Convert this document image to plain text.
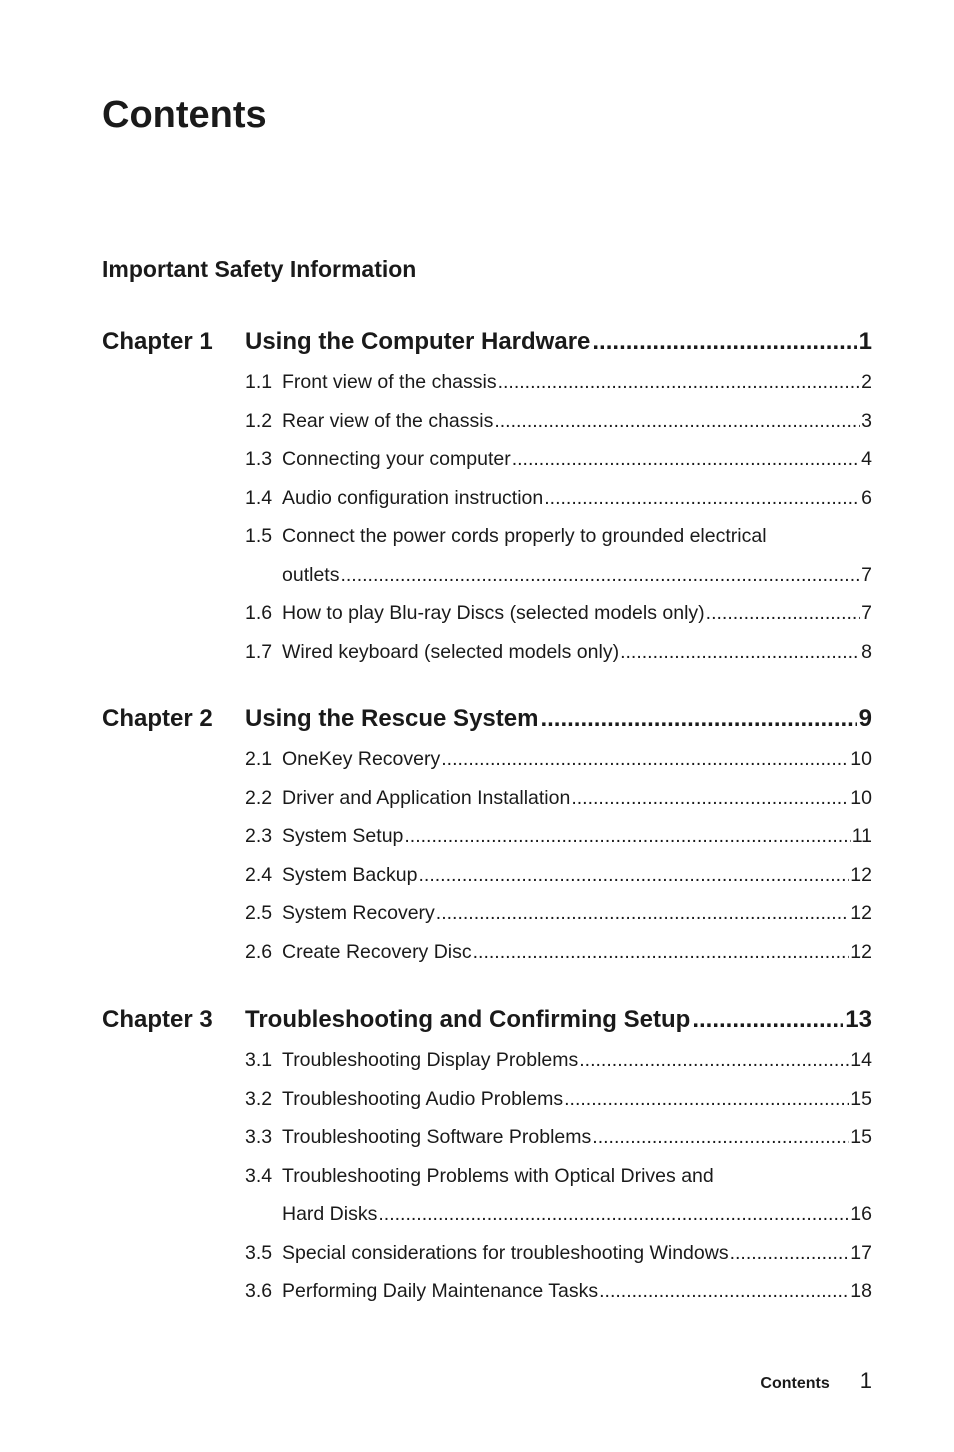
Contents
Important Safety Information
Chapter 1	Using the Computer Hardware .....	1
1.1 Front view of the chassis .....	2
1.2 Rear view of the chassis .....	3
1.3 Connecting your computer .....	4
1.4 Audio configuration instruction .....	6
1.5 Connect the power cords properly to grounded electrical
outlets .....	7
1.6 How to play Blu-ray Discs (selected models only) .....	7
1.7 Wired keyboard (selected models only) .....	8
Chapter 2	Using the Rescue System .....	9
2.1 OneKey Recovery .....	10
2.2 Driver and Application Installation .....	10
2.3 System Setup .....	11
2.4 System Backup .....	12
2.5 System Recovery .....	12
2.6 Create Recovery Disc .....	12
Chapter 3	Troubleshooting and Confirming Setup .....	13
3.1 Troubleshooting Display Problems .....	14
3.2 Troubleshooting Audio Problems .....	15
3.3 Troubleshooting Software Problems .....	15
3.4 Troubleshooting Problems with Optical Drives and
Hard Disks .....	16
3.5 Special considerations for troubleshooting Windows .....	17
3.6 Performing Daily Maintenance Tasks .....	18
Contents 1
